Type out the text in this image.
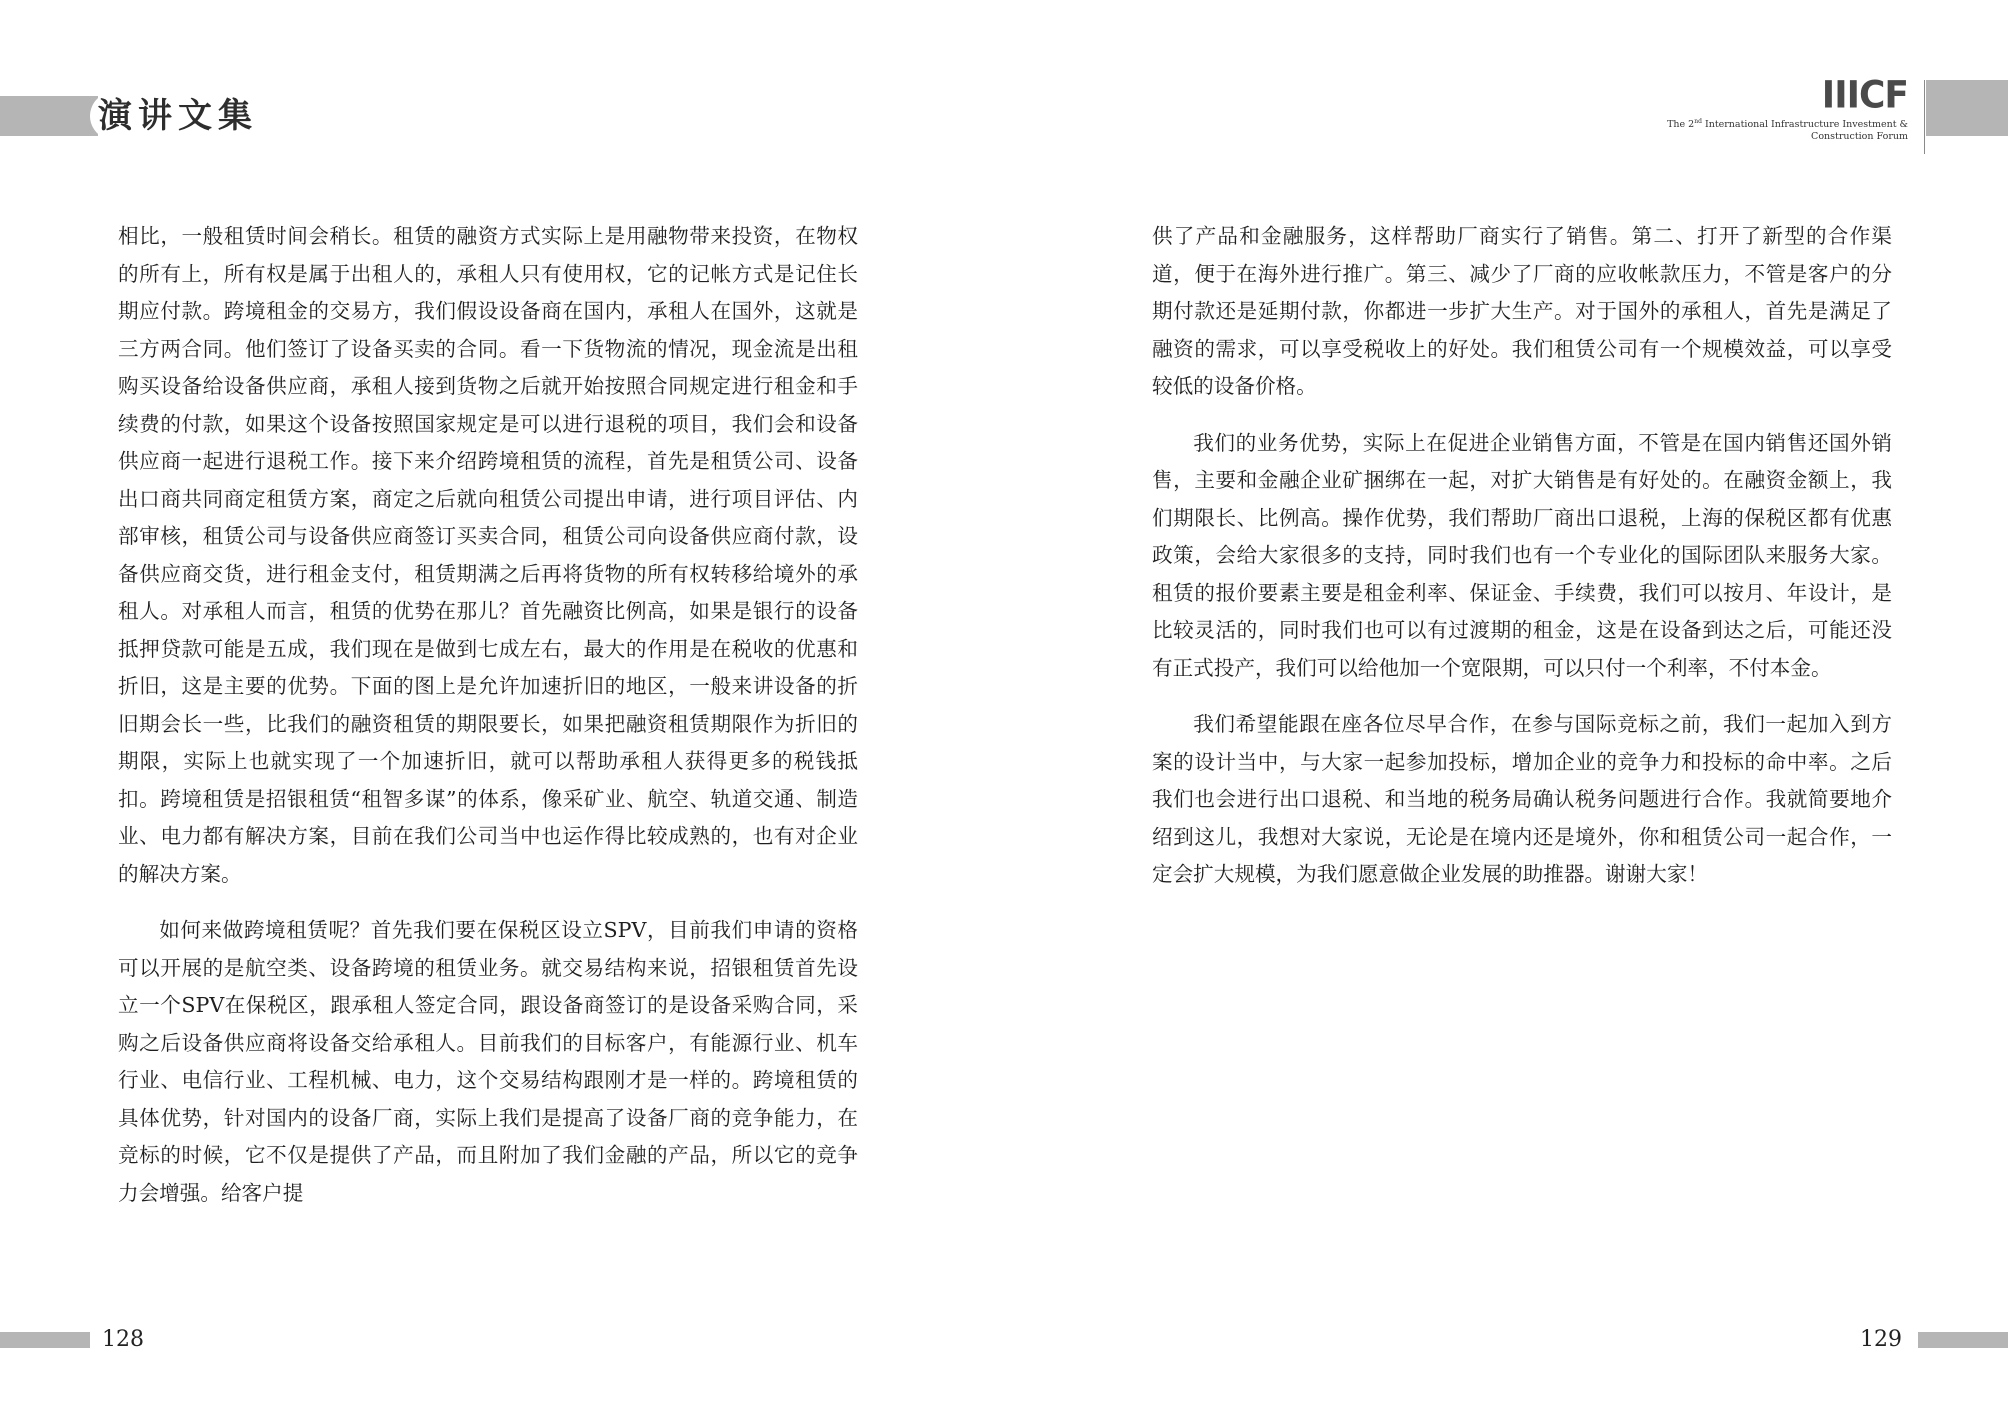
演讲文集

相比，一般租赁时间会稍长。租赁的融资方式实际上是用融物带来投资，在物权的所有上，所有权是属于出租人的，承租人只有使用权，它的记帐方式是记住长期应付款。跨境租金的交易方，我们假设设备商在国内，承租人在国外，这就是三方两合同。他们签订了设备买卖的合同。看一下货物流的情况，现金流是出租购买设备给设备供应商，承租人接到货物之后就开始按照合同规定进行租金和手续费的付款，如果这个设备按照国家规定是可以进行退税的项目，我们会和设备供应商一起进行退税工作。接下来介绍跨境租赁的流程，首先是租赁公司、设备出口商共同商定租赁方案，商定之后就向租赁公司提出申请，进行项目评估、内部审核，租赁公司与设备供应商签订买卖合同，租赁公司向设备供应商付款，设备供应商交货，进行租金支付，租赁期满之后再将货物的所有权转移给境外的承租人。对承租人而言，租赁的优势在那儿？首先融资比例高，如果是银行的设备抵押贷款可能是五成，我们现在是做到七成左右，最大的作用是在税收的优惠和折旧，这是主要的优势。下面的图上是允许加速折旧的地区，一般来讲设备的折旧期会长一些，比我们的融资租赁的期限要长，如果把融资租赁期限作为折旧的期限，实际上也就实现了一个加速折旧，就可以帮助承租人获得更多的税钱抵扣。跨境租赁是招银租赁“租智多谋”的体系，像采矿业、航空、轨道交通、制造业、电力都有解决方案，目前在我们公司当中也运作得比较成熟的，也有对企业的解决方案。

如何来做跨境租赁呢？首先我们要在保税区设立SPV，目前我们申请的资格可以开展的是航空类、设备跨境的租赁业务。就交易结构来说，招银租赁首先设立一个SPV在保税区，跟承租人签定合同，跟设备商签订的是设备采购合同，采购之后设备供应商将设备交给承租人。目前我们的目标客户，有能源行业、机车行业、电信行业、工程机械、电力，这个交易结构跟刚才是一样的。跨境租赁的具体优势，针对国内的设备厂商，实际上我们是提高了设备厂商的竞争能力，在竞标的时候，它不仅是提供了产品，而且附加了我们金融的产品，所以它的竞争力会增强。给客户提

128
IIICF
The 2nd International Infrastructure Investment &
Construction Forum

供了产品和金融服务，这样帮助厂商实行了销售。第二、打开了新型的合作渠道，便于在海外进行推广。第三、减少了厂商的应收帐款压力，不管是客户的分期付款还是延期付款，你都进一步扩大生产。对于国外的承租人，首先是满足了融资的需求，可以享受税收上的好处。我们租赁公司有一个规模效益，可以享受较低的设备价格。

我们的业务优势，实际上在促进企业销售方面，不管是在国内销售还国外销售，主要和金融企业矿捆绑在一起，对扩大销售是有好处的。在融资金额上，我们期限长、比例高。操作优势，我们帮助厂商出口退税，上海的保税区都有优惠政策，会给大家很多的支持，同时我们也有一个专业化的国际团队来服务大家。租赁的报价要素主要是租金利率、保证金、手续费，我们可以按月、年设计，是比较灵活的，同时我们也可以有过渡期的租金，这是在设备到达之后，可能还没有正式投产，我们可以给他加一个宽限期，可以只付一个利率，不付本金。

我们希望能跟在座各位尽早合作，在参与国际竞标之前，我们一起加入到方案的设计当中，与大家一起参加投标，增加企业的竞争力和投标的命中率。之后我们也会进行出口退税、和当地的税务局确认税务问题进行合作。我就简要地介绍到这儿，我想对大家说，无论是在境内还是境外，你和租赁公司一起合作，一定会扩大规模，为我们愿意做企业发展的助推器。谢谢大家！

129
